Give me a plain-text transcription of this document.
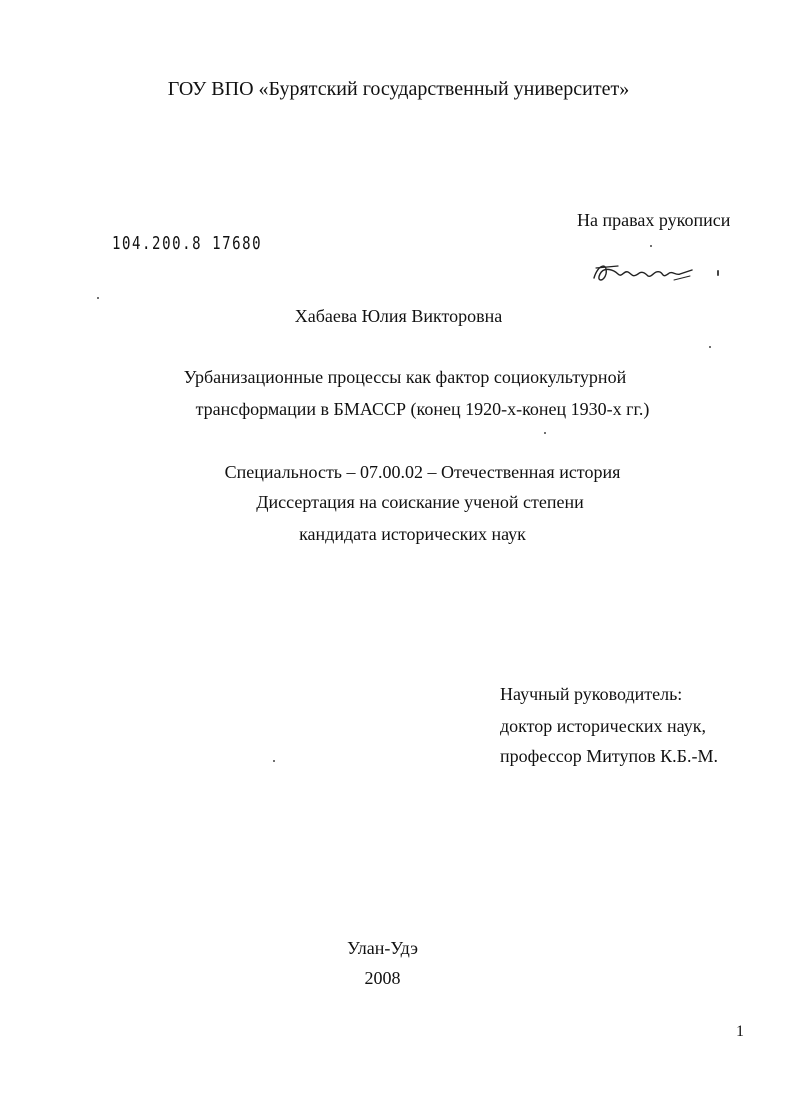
ГОУ ВПО «Бурятский государственный университет»
На правах рукописи
104.200.8 17680
Хабаева Юлия Викторовна
Урбанизационные процессы как фактор социокультурной
трансформации в БМАССР (конец 1920-х-конец 1930-х гг.)
Специальность – 07.00.02 – Отечественная история
Диссертация на соискание ученой степени
кандидата исторических наук
Научный руководитель:
доктор исторических наук,
профессор Митупов К.Б.-М.
Улан-Удэ
2008
1
